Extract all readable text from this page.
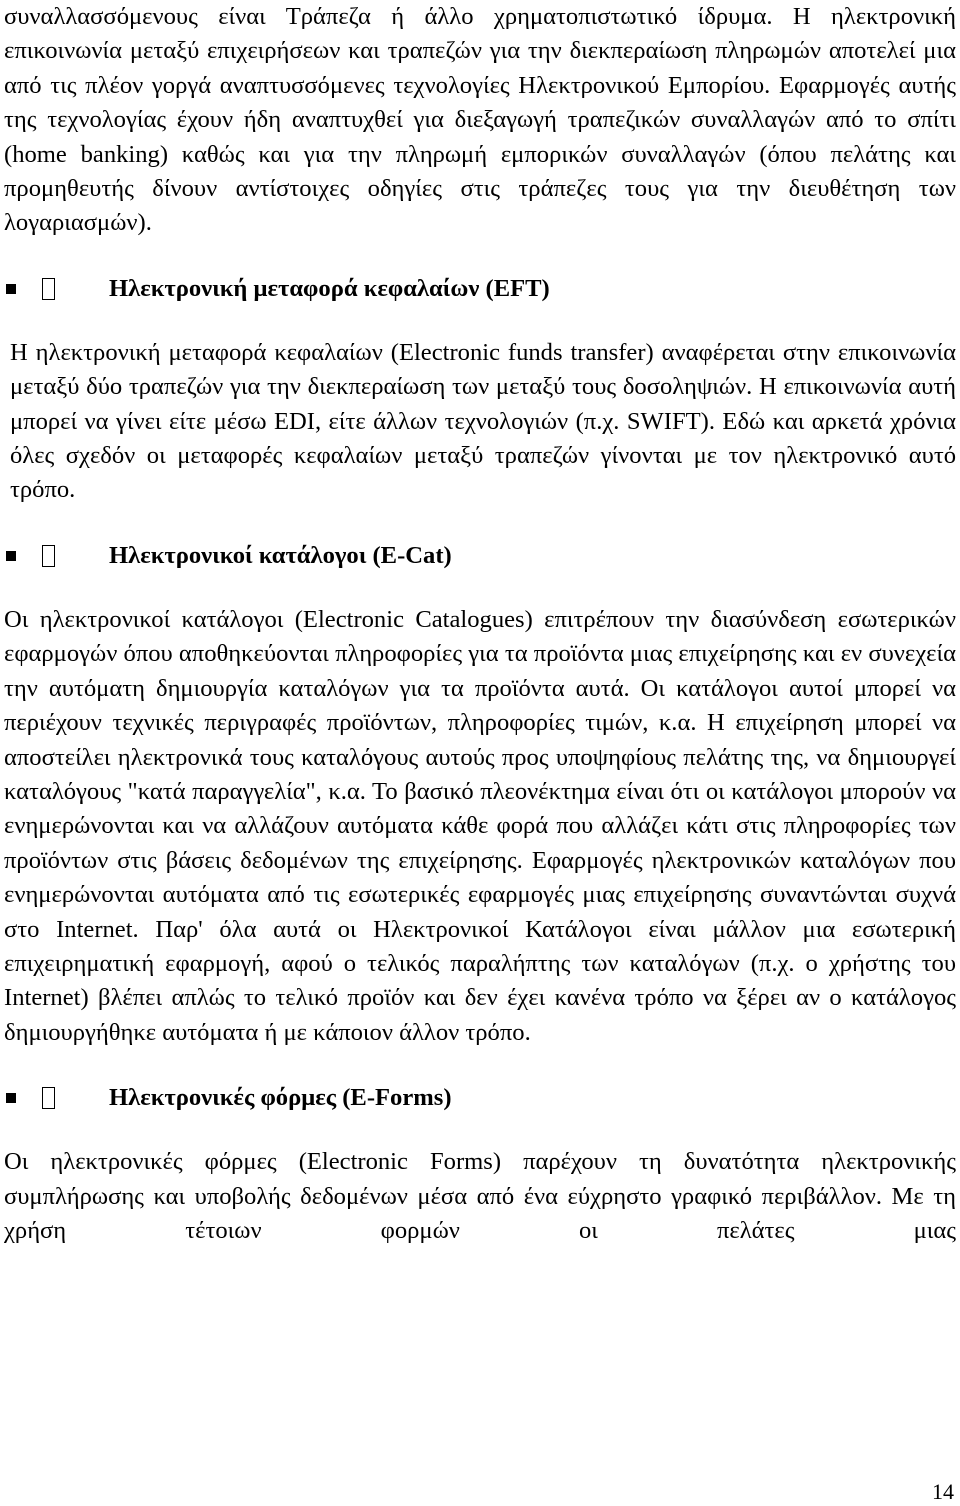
συναλλασσόμενους είναι Τράπεζα ή άλλο χρηματοπιστωτικό ίδρυμα. Η ηλεκτρονική επικοινωνία μεταξύ επιχειρήσεων και τραπεζών για την διεκπεραίωση πληρωμών αποτελεί μια από τις πλέον γοργά αναπτυσσόμενες τεχνολογίες Ηλεκτρονικού Εμπορίου. Εφαρμογές αυτής της τεχνολογίας έχουν ήδη αναπτυχθεί για διεξαγωγή τραπεζικών συναλλαγών από το σπίτι (home banking) καθώς και για την πληρωμή εμπορικών συναλλαγών (όπου πελάτης και προμηθευτής δίνουν αντίστοιχες οδηγίες στις τράπεζες τους για την διευθέτηση των λογαριασμών).

Ηλεκτρονική μεταφορά κεφαλαίων (EFT)

Η ηλεκτρονική μεταφορά κεφαλαίων (Electronic funds transfer) αναφέρεται στην επικοινωνία μεταξύ δύο τραπεζών για την διεκπεραίωση των μεταξύ τους δοσοληψιών. Η επικοινωνία αυτή μπορεί να γίνει είτε μέσω EDI, είτε άλλων τεχνολογιών (π.χ. SWIFT). Εδώ και αρκετά χρόνια όλες σχεδόν οι μεταφορές κεφαλαίων μεταξύ τραπεζών γίνονται με τον ηλεκτρονικό αυτό τρόπο.

Ηλεκτρονικοί κατάλογοι (E-Cat)

Οι ηλεκτρονικοί κατάλογοι (Electronic Catalogues) επιτρέπουν την διασύνδεση εσωτερικών εφαρμογών όπου αποθηκεύονται πληροφορίες για τα προϊόντα μιας επιχείρησης και εν συνεχεία την αυτόματη δημιουργία καταλόγων για τα προϊόντα αυτά. Οι κατάλογοι αυτοί μπορεί να περιέχουν τεχνικές περιγραφές προϊόντων, πληροφορίες τιμών, κ.α. Η επιχείρηση μπορεί να αποστείλει ηλεκτρονικά τους καταλόγους αυτούς προς υποψηφίους πελάτης της, να δημιουργεί καταλόγους "κατά παραγγελία", κ.α. Το βασικό πλεονέκτημα είναι ότι οι κατάλογοι μπορούν να ενημερώνονται και να αλλάζουν αυτόματα κάθε φορά που αλλάζει κάτι στις πληροφορίες των προϊόντων στις βάσεις δεδομένων της επιχείρησης. Εφαρμογές ηλεκτρονικών καταλόγων που ενημερώνονται αυτόματα από τις εσωτερικές εφαρμογές μιας επιχείρησης συναντώνται συχνά στο Internet. Παρ' όλα αυτά οι Ηλεκτρονικοί Κατάλογοι είναι μάλλον μια εσωτερική επιχειρηματική εφαρμογή, αφού ο τελικός παραλήπτης των καταλόγων (π.χ. ο χρήστης του Internet) βλέπει απλώς το τελικό προϊόν και δεν έχει κανένα τρόπο να ξέρει αν ο κατάλογος δημιουργήθηκε αυτόματα ή με κάποιον άλλον τρόπο.

Ηλεκτρονικές φόρμες (E-Forms)

Οι ηλεκτρονικές φόρμες (Electronic Forms) παρέχουν τη δυνατότητα ηλεκτρονικής συμπλήρωσης και υποβολής δεδομένων μέσα από ένα εύχρηστο γραφικό περιβάλλον. Με τη χρήση τέτοιων φορμών οι πελάτες μιας

14
